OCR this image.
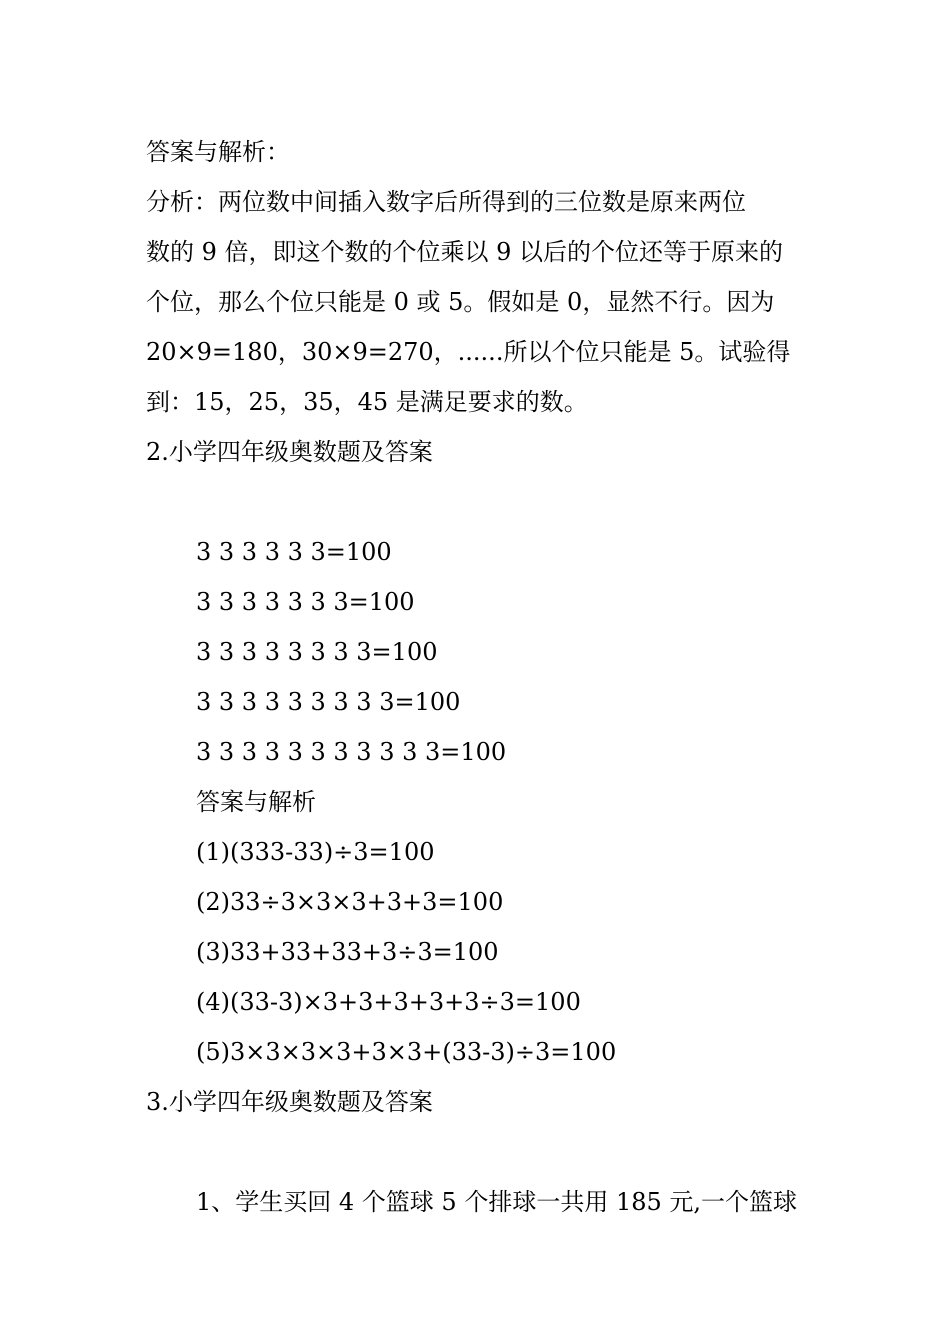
答案与解析：
分析：两位数中间插入数字后所得到的三位数是原来两位
数的 9 倍，即这个数的个位乘以 9 以后的个位还等于原来的
个位，那么个位只能是 0 或 5。假如是 0，显然不行。因为
20×9=180，30×9=270，......所以个位只能是 5。试验得
到：15，25，35，45 是满足要求的数。
2.小学四年级奥数题及答案
3 3 3 3 3 3=100
3 3 3 3 3 3 3=100
3 3 3 3 3 3 3 3=100
3 3 3 3 3 3 3 3 3=100
3 3 3 3 3 3 3 3 3 3 3=100
答案与解析
(1)(333-33)÷3=100
(2)33÷3×3×3+3+3=100
(3)33+33+33+3÷3=100
(4)(33-3)×3+3+3+3+3÷3=100
(5)3×3×3×3+3×3+(33-3)÷3=100
3.小学四年级奥数题及答案
1、学生买回 4 个篮球 5 个排球一共用 185 元,一个篮球
